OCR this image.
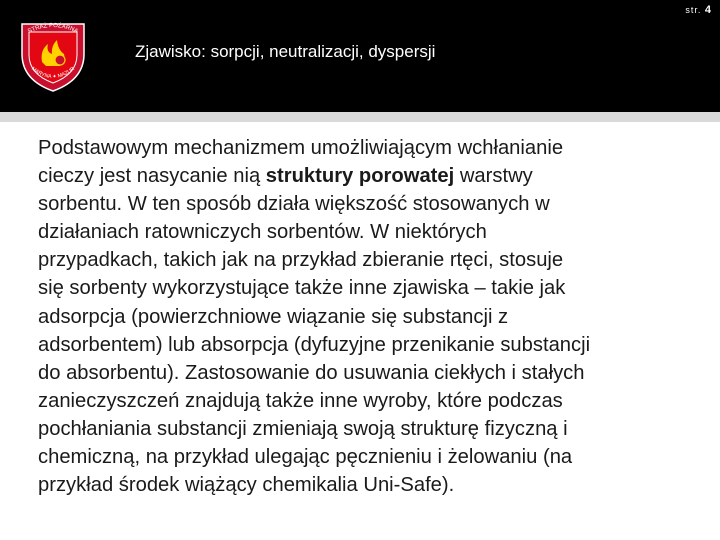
str. 4
STRAŻ POŻARNA
MARYNA ✦ MAZUR
Zjawisko: sorpcji, neutralizacji, dyspersji

Podstawowym mechanizmem umożliwiającym wchłanianie
cieczy jest nasycanie nią struktury porowatej warstwy
sorbentu. W ten sposób działa większość stosowanych w
działaniach ratowniczych sorbentów. W niektórych
przypadkach, takich jak na przykład zbieranie rtęci, stosuje
się sorbenty wykorzystujące także inne zjawiska – takie jak
adsorpcja (powierzchniowe wiązanie się substancji z
adsorbentem) lub absorpcja (dyfuzyjne przenikanie substancji
do absorbentu). Zastosowanie do usuwania ciekłych i stałych
zanieczyszczeń znajdują także inne wyroby, które podczas
pochłaniania substancji zmieniają swoją strukturę fizyczną i
chemiczną, na przykład ulegając pęcznieniu i żelowaniu (na
przykład środek wiążący chemikalia Uni-Safe).
